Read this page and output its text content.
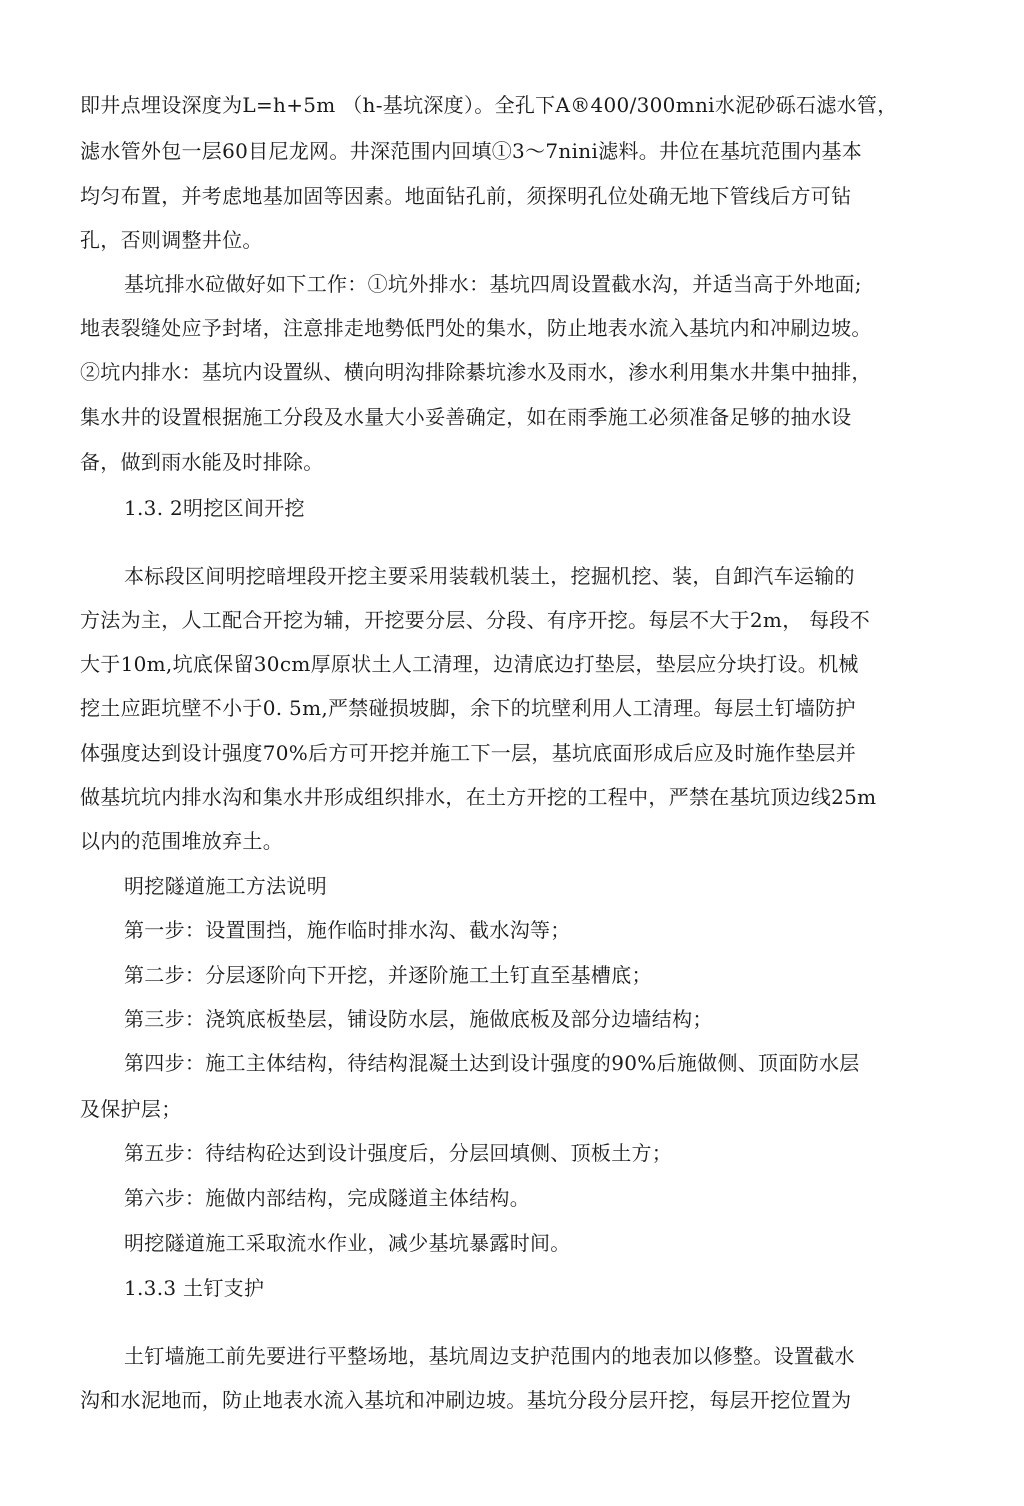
即井点埋设深度为L=h+5m （h-基坑深度）。全孔下A®400/300mni水泥砂砾石滤水管，
滤水管外包一层60目尼龙网。井深范围内回填①3～7nini滤料。井位在基坑范围内基本
均匀布置，并考虑地基加固等因素。地面钻孔前，须探明孔位处确无地下管线后方可钻
孔，否则调整井位。
基坑排水砬做好如下工作：①坑外排水：基坑四周设置截水沟，并适当高于外地面;
地表裂缝处应予封堵，注意排走地勢低門处的集水，防止地表水流入基坑内和冲刷边坡。
②坑内排水：基坑内设置纵、横向明沟排除綦坑渗水及雨水，渗水利用集水井集中抽排，
集水井的设置根据施工分段及水量大小妥善确定，如在雨季施工必须准备足够的抽水设
备，做到雨水能及时排除。
1.3. 2明挖区间开挖
本标段区间明挖暗埋段开挖主要采用装载机装土，挖掘机挖、装，自卸汽车运输的
方法为主，人工配合开挖为辅，开挖要分层、分段、有序开挖。每层不大于2m， 每段不
大于10m,坑底保留30cm厚原状土人工清理，边清底边打垫层，垫层应分块打设。机械
挖土应距坑壁不小于0. 5m,严禁碰损坡脚，余下的坑壁利用人工清理。每层土钉墙防护
体强度达到设计强度70%后方可开挖并施工下一层，基坑底面形成后应及时施作垫层并
做基坑坑内排水沟和集水井形成组织排水，在土方开挖的工程中，严禁在基坑顶边线25m
以内的范围堆放弃土。
明挖隧道施工方法说明
第一步：设置围挡，施作临时排水沟、截水沟等；
第二步：分层逐阶向下开挖，并逐阶施工土钉直至基槽底；
第三步：浇筑底板垫层，铺设防水层，施做底板及部分边墙结构；
第四步：施工主体结构，待结构混凝土达到设计强度的90%后施做侧、顶面防水层
及保护层；
第五步：待结构砼达到设计强度后，分层回填侧、顶板土方；
第六步：施做内部结构，完成隧道主体结构。
明挖隧道施工采取流水作业，减少基坑暴露时间。
1.3.3 土钉支护
土钉墙施工前先要进行平整场地，基坑周边支护范围内的地表加以修整。设置截水
沟和水泥地而，防止地表水流入基坑和冲刷边坡。基坑分段分层幵挖，每层开挖位置为
